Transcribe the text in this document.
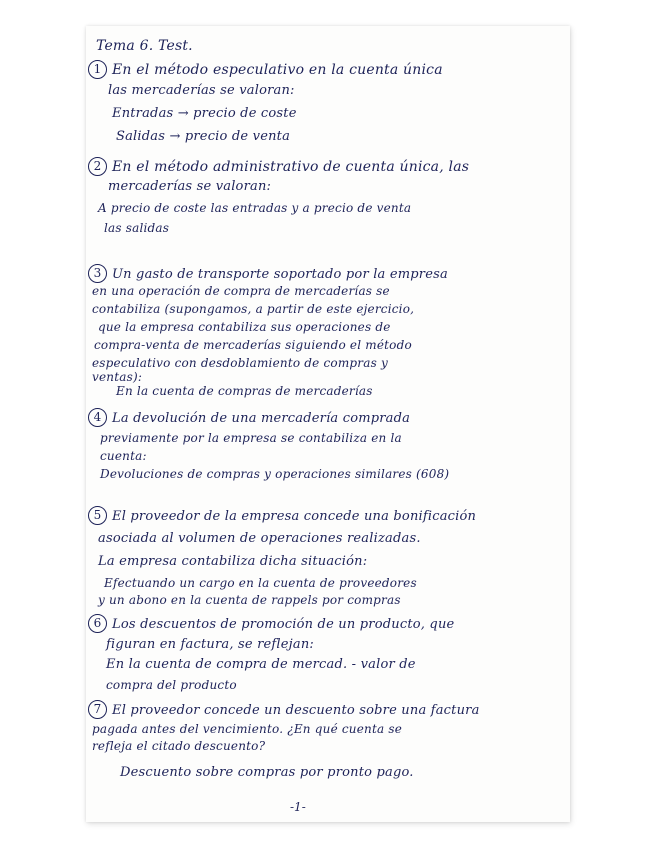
Tema 6. Test.
1 En el método especulativo en la cuenta única
las mercaderías se valoran:
Entradas → precio de coste
Salidas → precio de venta
2 En el método administrativo de cuenta única, las
mercaderías se valoran:
A precio de coste las entradas y a precio de venta
las salidas
3 Un gasto de transporte soportado por la empresa
en una operación de compra de mercaderías se
contabiliza (supongamos, a partir de este ejercicio,
que la empresa contabiliza sus operaciones de
compra-venta de mercaderías siguiendo el método
especulativo con desdoblamiento de compras y
ventas):
En la cuenta de compras de mercaderías
4 La devolución de una mercadería comprada
previamente por la empresa se contabiliza en la
cuenta:
Devoluciones de compras y operaciones similares (608)
5 El proveedor de la empresa concede una bonificación
asociada al volumen de operaciones realizadas.
La empresa contabiliza dicha situación:
Efectuando un cargo en la cuenta de proveedores
y un abono en la cuenta de rappels por compras
6 Los descuentos de promoción de un producto, que
figuran en factura, se reflejan:
En la cuenta de compra de mercad. - valor de
compra del producto
7 El proveedor concede un descuento sobre una factura
pagada antes del vencimiento. ¿En qué cuenta se
refleja el citado descuento?
Descuento sobre compras por pronto pago.
-1-
